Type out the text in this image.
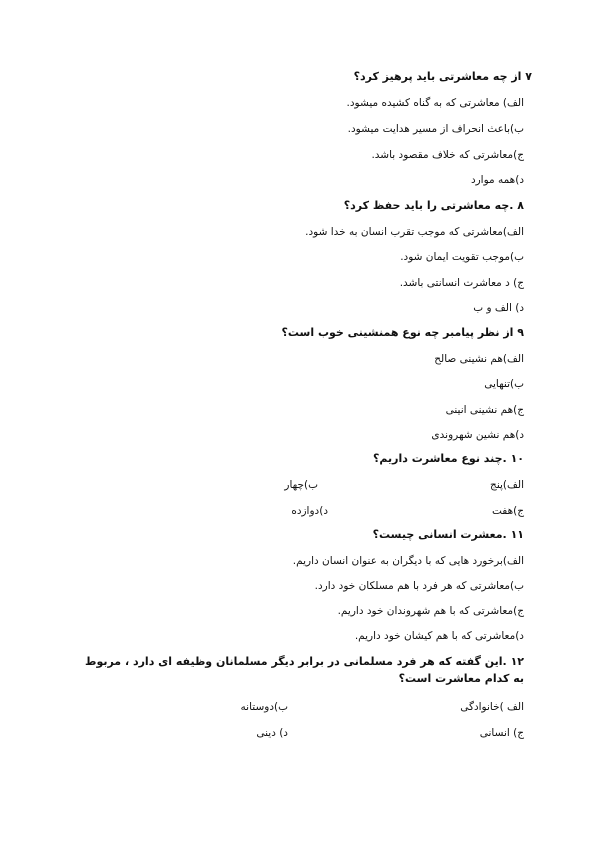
۷ از چه معاشرتی باید پرهیز کرد؟
الف) معاشرتی که به گناه کشیده میشود.
ب)باعث انحراف از مسیر هدایت میشود.
ج)معاشرتی که خلاف مقصود باشد.
د)همه موارد
۸ .چه معاشرتی را باید حفظ کرد؟
الف)معاشرتی که موجب تقرب انسان به خدا شود.
ب)موجب تقویت ایمان شود.
ج) د معاشرت انسانتی باشد.
د) الف و ب
۹ از نظر پیامبر چه نوع همنشینی خوب است؟
الف)هم نشینی صالح
ب)تنهایی
ج)هم نشینی انینی
د)هم نشین شهروندی
۱۰ .چند نوع معاشرت داریم؟
الف)پنج
ب)چهار
ج)هفت
د)دوازده
۱۱ .معشرت انسانی چیست؟
الف)برخورد هایی که با دیگران به عنوان انسان داریم.
ب)معاشرتی که هر فرد با هم مسلکان خود دارد.
ج)معاشرتی که با هم شهروندان خود داریم.
د)معاشرتی که با هم کیشان خود داریم.
۱۲ .این گفته که هر فرد مسلمانی در برابر دیگر مسلمانان وظیفه ای دارد ، مربوط به کدام معاشرت است؟
الف )خانوادگی
ب)دوستانه
ج) انسانی
د) دینی
